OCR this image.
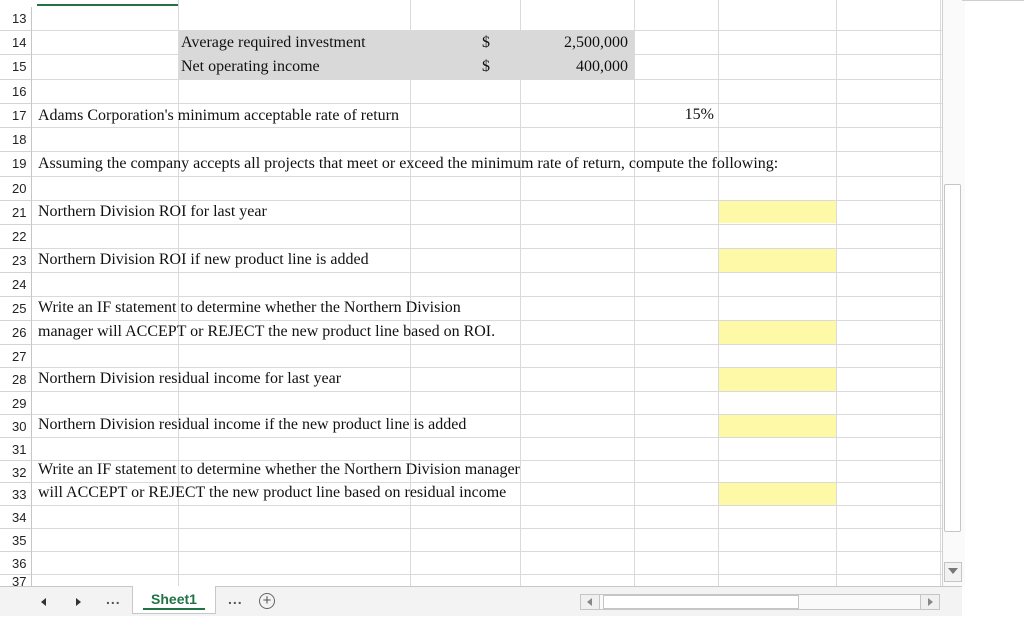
13
14
15
16
17
18
19
20
21
22
23
24
25
26
27
28
29
30
31
32
33
34
35
36
37
Average required investment	$	2,500,000
Net operating income	$	400,000
Adams Corporation's minimum acceptable rate of return	15%
Assuming the company accepts all projects that meet or exceed the minimum rate of return, compute the following:
Northern Division ROI for last year
Northern Division ROI if new product line is added
Write an IF statement to determine whether the Northern Division
manager will ACCEPT or REJECT the new product line based on ROI.
Northern Division residual income for last year
Northern Division residual income if the new product line is added
Write an IF statement to determine whether the Northern Division manager
will ACCEPT or REJECT the new product line based on residual income
...	Sheet1	... +
